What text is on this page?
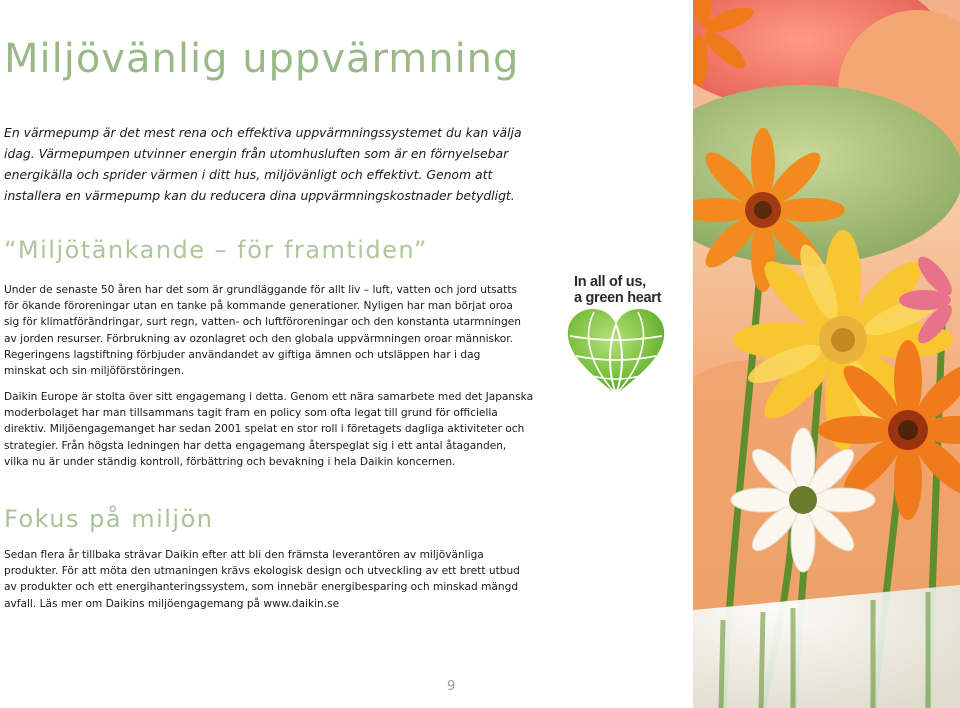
Miljövänlig uppvärmning

En värmepump är det mest rena och effektiva uppvärmningssystemet du kan välja idag. Värmepumpen utvinner energin från utomhusluften som är en förnyelsebar energikälla och sprider värmen i ditt hus, miljövänligt och effektivt. Genom att installera en värmepump kan du reducera dina uppvärmningskostnader betydligt.

“Miljötänkande – för framtiden”

Under de senaste 50 åren har det som är grundläggande för allt liv – luft, vatten och jord utsatts för ökande föroreningar utan en tanke på kommande generationer. Nyligen har man börjat oroa sig för klimatförändringar, surt regn, vatten- och luftföroreningar och den konstanta utarmningen av jorden resurser. Förbrukning av ozonlagret och den globala uppvärmningen oroar människor. Regeringens lagstiftning förbjuder användandet av giftiga ämnen och utsläppen har i dag minskat och sin miljöförstöringen.

In all of us,
a green heart

Daikin Europe är stolta över sitt engagemang i detta. Genom ett nära samarbete med det Japanska moderbolaget har man tillsammans tagit fram en policy som ofta legat till grund för officiella direktiv. Miljöengagemanget har sedan 2001 spelat en stor roll i företagets dagliga aktiviteter och strategier. Från högsta ledningen har detta engagemang återspeglat sig i ett antal åtaganden, vilka nu är under ständig kontroll, förbättring och bevakning i hela Daikin koncernen.

Fokus på miljön

Sedan flera år tillbaka strävar Daikin efter att bli den främsta leverantören av miljövänliga produkter. För att möta den utmaningen krävs ekologisk design och utveckling av ett brett utbud av produkter och ett energihanteringssystem, som innebär energibesparing och minskad mängd avfall. Läs mer om Daikins miljöengagemang på www.daikin.se

9
